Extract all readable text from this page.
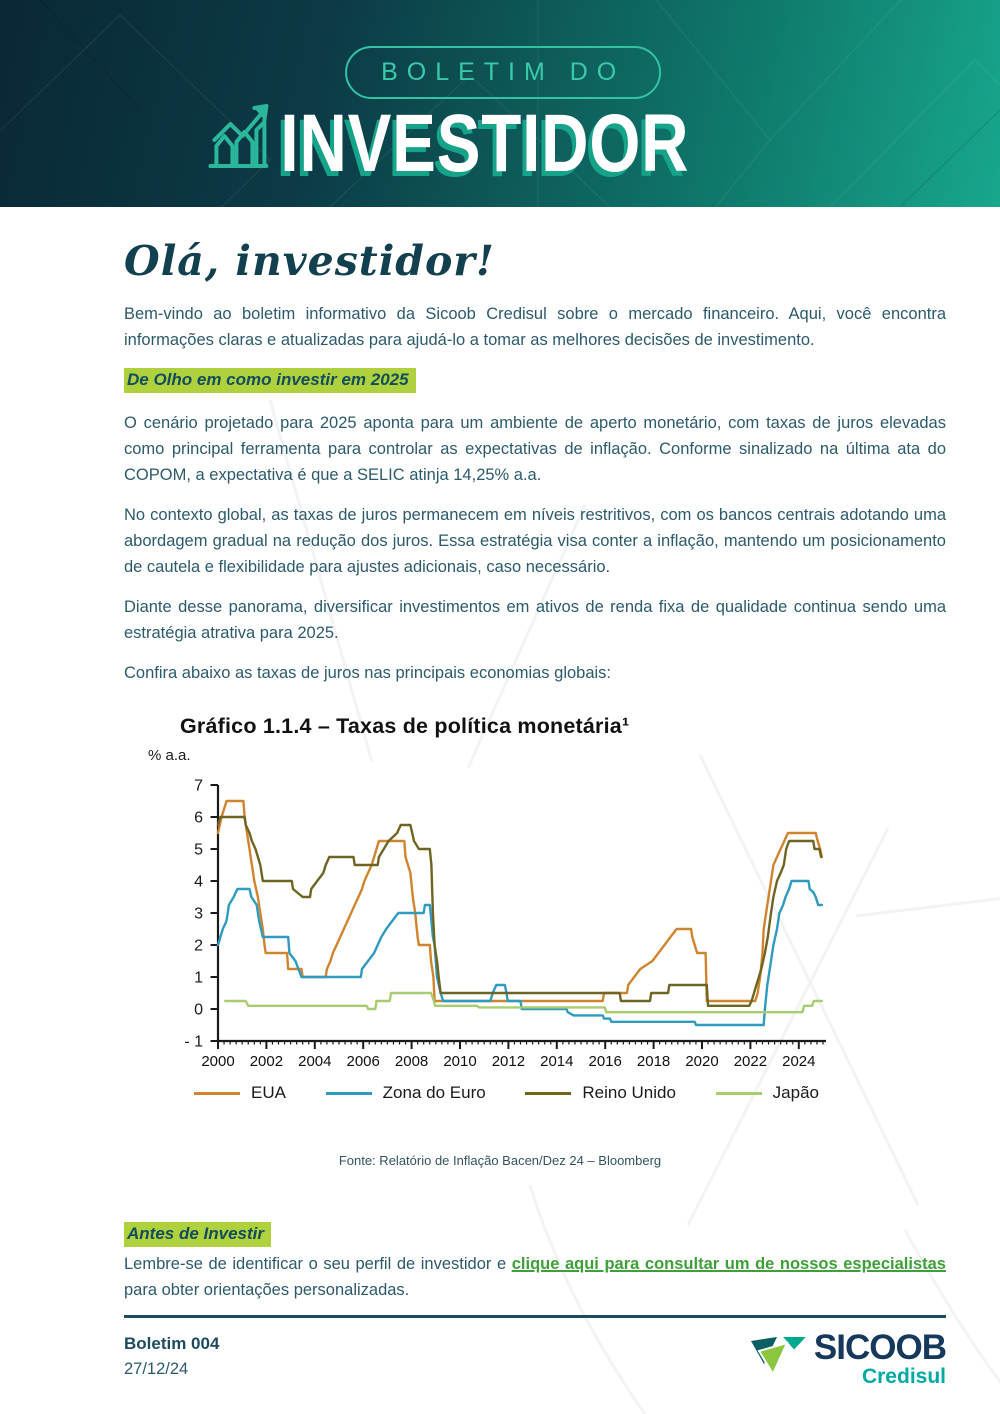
BOLETIM DO
INVESTIDOR
Olá, investidor!

Bem-vindo ao boletim informativo da Sicoob Credisul sobre o mercado financeiro. Aqui, você encontra informações claras e atualizadas para ajudá-lo a tomar as melhores decisões de investimento.

De Olho em como investir em 2025

O cenário projetado para 2025 aponta para um ambiente de aperto monetário, com taxas de juros elevadas como principal ferramenta para controlar as expectativas de inflação. Conforme sinalizado na última ata do COPOM, a expectativa é que a SELIC atinja 14,25% a.a.

No contexto global, as taxas de juros permanecem em níveis restritivos, com os bancos centrais adotando uma abordagem gradual na redução dos juros. Essa estratégia visa conter a inflação, mantendo um posicionamento de cautela e flexibilidade para ajustes adicionais, caso necessário.

Diante desse panorama, diversificar investimentos em ativos de renda fixa de qualidade continua sendo uma estratégia atrativa para 2025.

Confira abaixo as taxas de juros nas principais economias globais:

Gráfico 1.1.4 – Taxas de política monetária¹
% a.a.
7
6
5
4
3
2
1
0
- 1
2000 2002 2004 2006 2008 2010 2012 2014 2016 2018 2020 2022 2024
EUA	Zona do Euro	Reino Unido	Japão
Fonte: Relatório de Inflação Bacen/Dez 24 – Bloomberg
Antes de Investir

Lembre-se de identificar o seu perfil de investidor e clique aqui para consultar um de nossos especialistas para obter orientações personalizadas.

Boletim 004
27/12/24
SICOOB
Credisul
